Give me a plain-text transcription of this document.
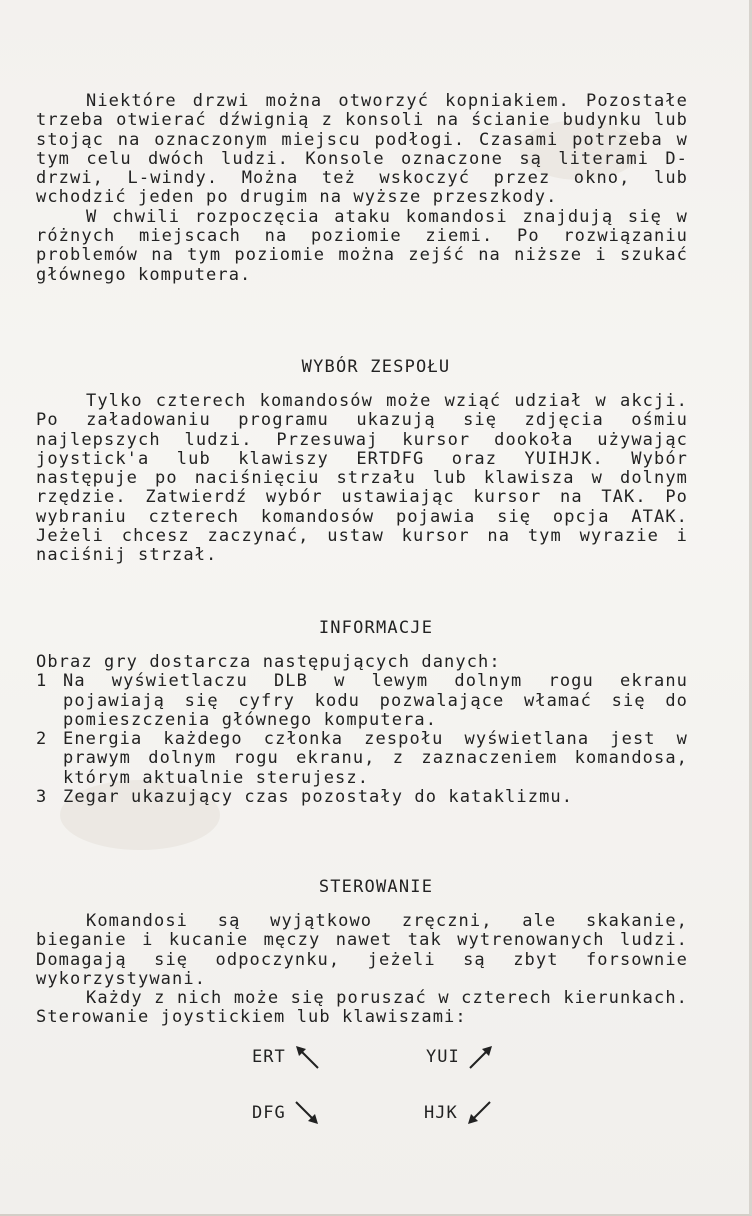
Niektóre drzwi można otworzyć kopniakiem. Pozostałe trzeba otwierać dźwignią z konsoli na ścianie budynku lub stojąc na oznaczonym miejscu podłogi. Czasami potrzeba w tym celu dwóch ludzi. Konsole oznaczone są literami D-drzwi, L-windy. Można też wskoczyć przez okno, lub wchodzić jeden po drugim na wyższe przeszkody.

W chwili rozpoczęcia ataku komandosi znajdują się w różnych miejscach na poziomie ziemi. Po rozwiązaniu problemów na tym poziomie można zejść na niższe i szukać głównego komputera.

WYBÓR ZESPOŁU

Tylko czterech komandosów może wziąć udział w akcji. Po załadowaniu programu ukazują się zdjęcia ośmiu najlepszych ludzi. Przesuwaj kursor dookoła używając joystick'a lub klawiszy ERTDFG oraz YUIHJK. Wybór następuje po naciśnięciu strzału lub klawisza w dolnym rzędzie. Zatwierdź wybór ustawiając kursor na TAK. Po wybraniu czterech komandosów pojawia się opcja ATAK. Jeżeli chcesz zaczynać, ustaw kursor na tym wyrazie i naciśnij strzał.

INFORMACJE

Obraz gry dostarcza następujących danych:

1 Na wyświetlaczu DLB w lewym dolnym rogu ekranu pojawiają się cyfry kodu pozwalające włamać się do pomieszczenia głównego komputera.
2 Energia każdego członka zespołu wyświetlana jest w prawym dolnym rogu ekranu, z zaznaczeniem komandosa, którym aktualnie sterujesz.
3 Zegar ukazujący czas pozostały do kataklizmu.
STEROWANIE

Komandosi są wyjątkowo zręczni, ale skakanie, bieganie i kucanie męczy nawet tak wytrenowanych ludzi. Domagają się odpoczynku, jeżeli są zbyt forsownie wykorzystywani.

Każdy z nich może się poruszać w czterech kierunkach. Sterowanie joystickiem lub klawiszami:

ERT	YUI
DFG	HJK
